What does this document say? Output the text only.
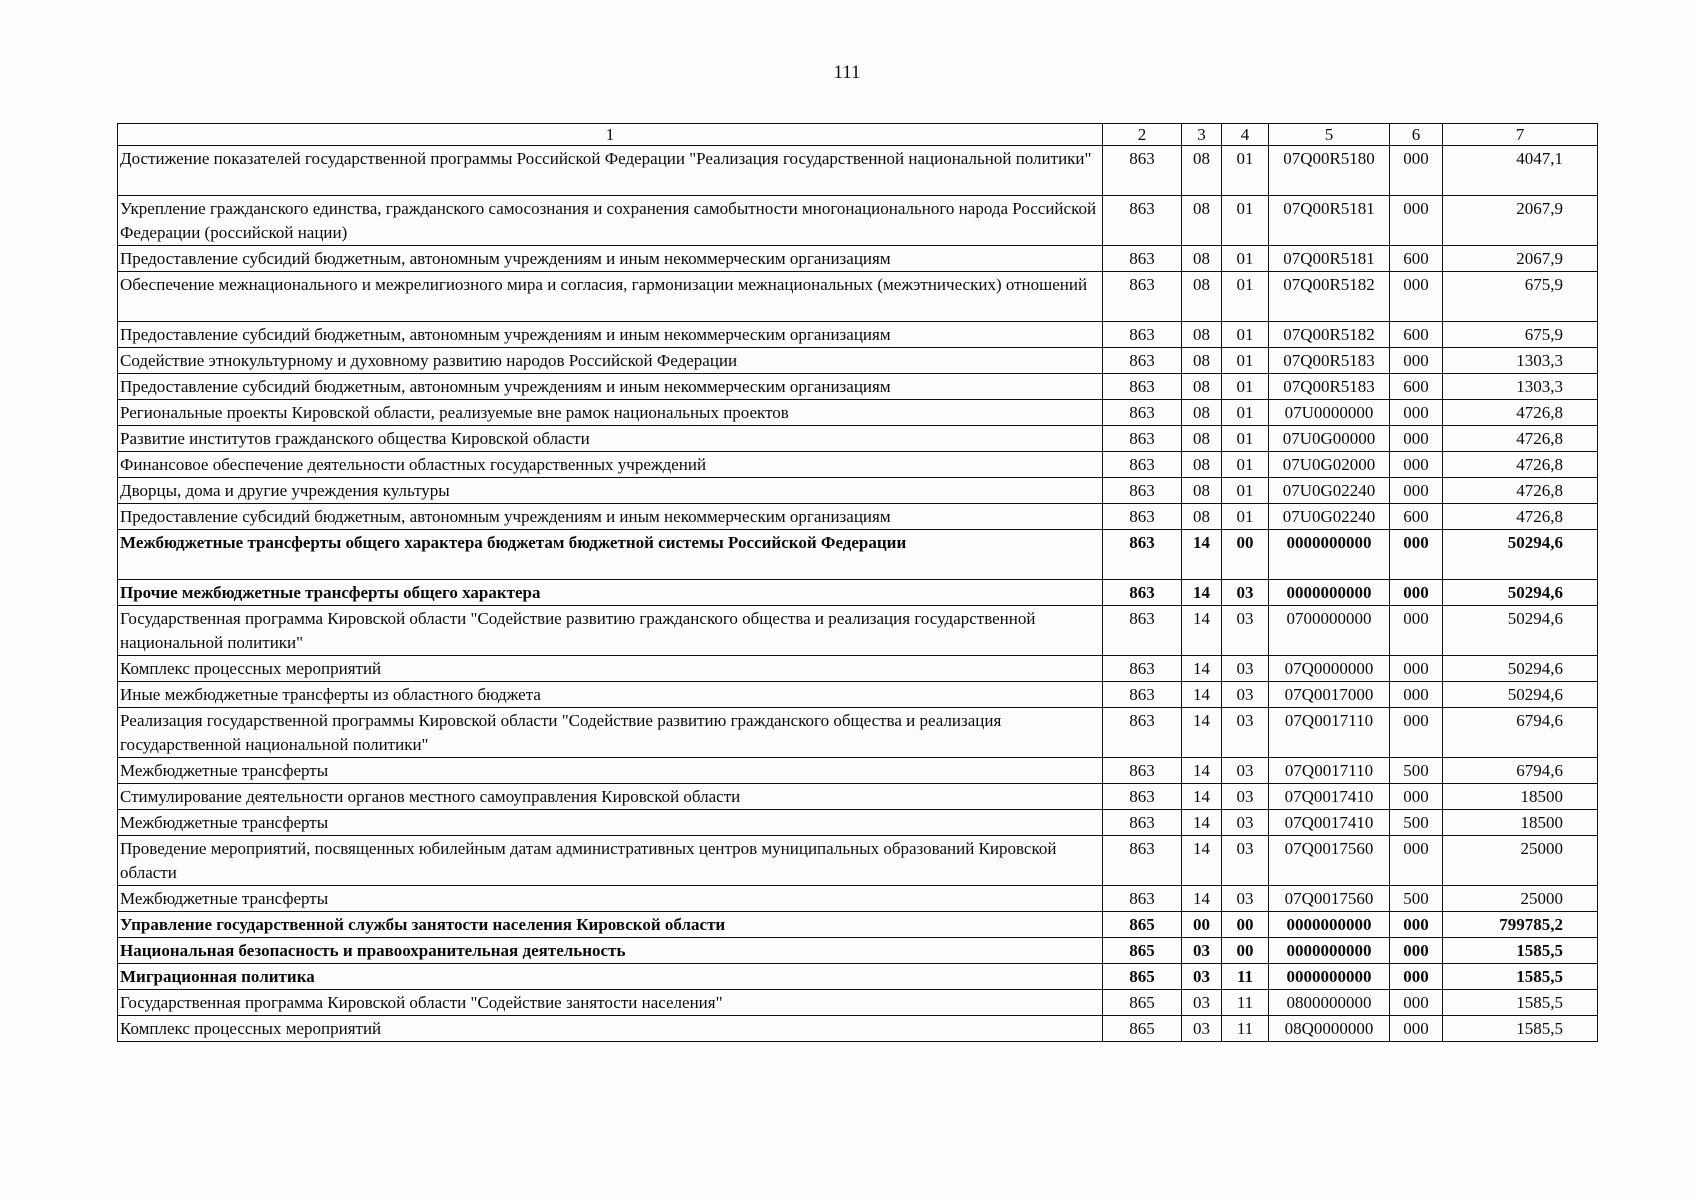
111
1	2	3	4	5	6	7
Достижение показателей государственной программы Российской Федерации "Реализация государственной национальной политики"	863	08	01	07Q00R5180	000	4047,1
Укрепление гражданского единства, гражданского самосознания и сохранения самобытности многонационального народа Российской Федерации (российской нации)	863	08	01	07Q00R5181	000	2067,9
Предоставление субсидий бюджетным, автономным учреждениям и иным некоммерческим организациям	863	08	01	07Q00R5181	600	2067,9
Обеспечение межнационального и межрелигиозного мира и согласия, гармонизации межнациональных (межэтнических) отношений	863	08	01	07Q00R5182	000	675,9
Предоставление субсидий бюджетным, автономным учреждениям и иным некоммерческим организациям	863	08	01	07Q00R5182	600	675,9
Содействие этнокультурному и духовному развитию народов Российской Федерации	863	08	01	07Q00R5183	000	1303,3
Предоставление субсидий бюджетным, автономным учреждениям и иным некоммерческим организациям	863	08	01	07Q00R5183	600	1303,3
Региональные проекты Кировской области, реализуемые вне рамок национальных проектов	863	08	01	07U0000000	000	4726,8
Развитие институтов гражданского общества Кировской области	863	08	01	07U0G00000	000	4726,8
Финансовое обеспечение деятельности областных государственных учреждений	863	08	01	07U0G02000	000	4726,8
Дворцы, дома и другие учреждения культуры	863	08	01	07U0G02240	000	4726,8
Предоставление субсидий бюджетным, автономным учреждениям и иным некоммерческим организациям	863	08	01	07U0G02240	600	4726,8
Межбюджетные трансферты общего характера бюджетам бюджетной системы Российской Федерации	863	14	00	0000000000	000	50294,6
Прочие межбюджетные трансферты общего характера	863	14	03	0000000000	000	50294,6
Государственная программа Кировской области "Содействие развитию гражданского общества и реализация государственной национальной политики"	863	14	03	0700000000	000	50294,6
Комплекс процессных мероприятий	863	14	03	07Q0000000	000	50294,6
Иные межбюджетные трансферты из областного бюджета	863	14	03	07Q0017000	000	50294,6
Реализация государственной программы Кировской области "Содействие развитию гражданского общества и реализация государственной национальной политики"	863	14	03	07Q0017110	000	6794,6
Межбюджетные трансферты	863	14	03	07Q0017110	500	6794,6
Стимулирование деятельности органов местного самоуправления Кировской области	863	14	03	07Q0017410	000	18500
Межбюджетные трансферты	863	14	03	07Q0017410	500	18500
Проведение мероприятий, посвященных юбилейным датам административных центров муниципальных образований Кировской области	863	14	03	07Q0017560	000	25000
Межбюджетные трансферты	863	14	03	07Q0017560	500	25000
Управление государственной службы занятости населения Кировской области	865	00	00	0000000000	000	799785,2
Национальная безопасность и правоохранительная деятельность	865	03	00	0000000000	000	1585,5
Миграционная политика	865	03	11	0000000000	000	1585,5
Государственная программа Кировской области "Содействие занятости населения"	865	03	11	0800000000	000	1585,5
Комплекс процессных мероприятий	865	03	11	08Q0000000	000	1585,5
